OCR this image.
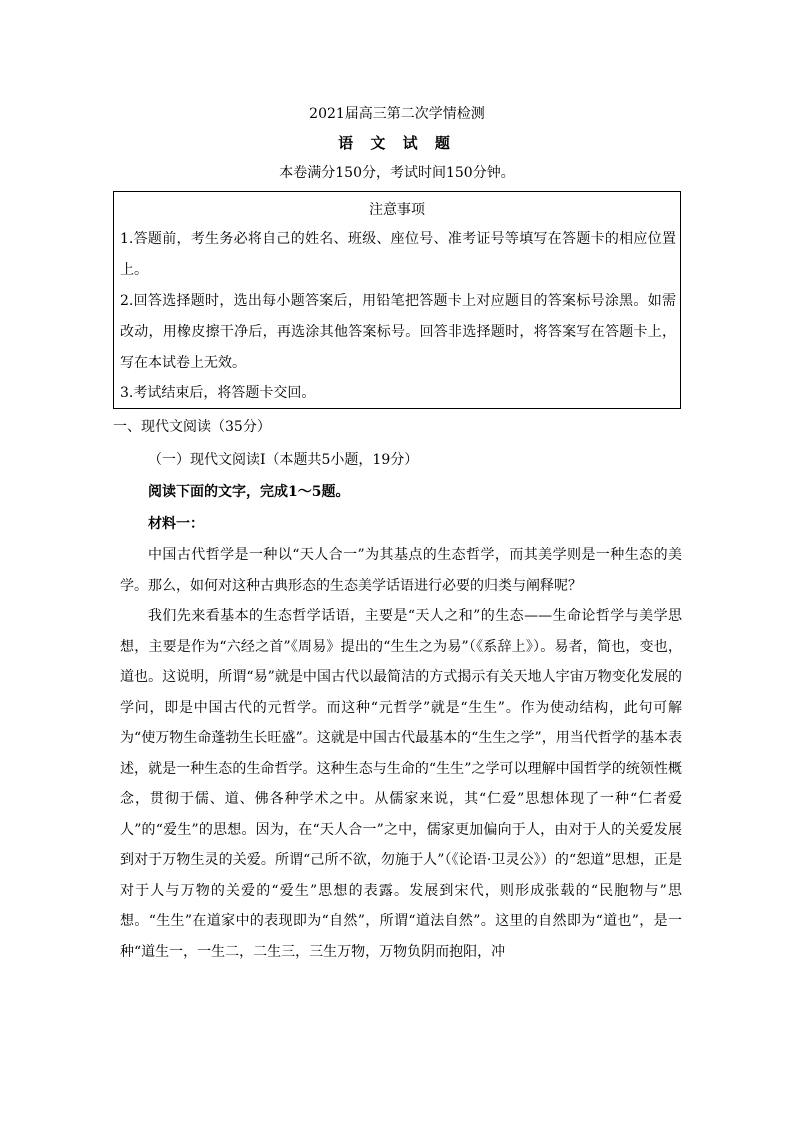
2021届高三第二次学情检测
语 文 试 题
本卷满分150分，考试时间150分钟。
注意事项
1.答题前，考生务必将自己的姓名、班级、座位号、准考证号等填写在答题卡的相应位置上。
2.回答选择题时，选出每小题答案后，用铅笔把答题卡上对应题目的答案标号涂黑。如需改动，用橡皮擦干净后，再选涂其他答案标号。回答非选择题时，将答案写在答题卡上，写在本试卷上无效。
3.考试结束后，将答题卡交回。
一、现代文阅读（35分）
（一）现代文阅读Ⅰ（本题共5小题，19分）
阅读下面的文字，完成1～5题。
材料一：
中国古代哲学是一种以“天人合一”为其基点的生态哲学，而其美学则是一种生态的美学。那么，如何对这种古典形态的生态美学话语进行必要的归类与阐释呢？
我们先来看基本的生态哲学话语，主要是“天人之和”的生态——生命论哲学与美学思想，主要是作为“六经之首”《周易》提出的“生生之为易”（《系辞上》）。易者，简也，变也，道也。这说明，所谓“易”就是中国古代以最简洁的方式揭示有关天地人宇宙万物变化发展的学问，即是中国古代的元哲学。而这种“元哲学”就是“生生”。作为使动结构，此句可解为“使万物生命蓬勃生长旺盛”。这就是中国古代最基本的“生生之学”，用当代哲学的基本表述，就是一种生态的生命哲学。这种生态与生命的“生生”之学可以理解中国哲学的统领性概念，贯彻于儒、道、佛各种学术之中。从儒家来说，其“仁爱”思想体现了一种“仁者爱人”的“爱生”的思想。因为，在“天人合一”之中，儒家更加偏向于人，由对于人的关爱发展到对于万物生灵的关爱。所谓“己所不欲，勿施于人”（《论语·卫灵公》）的“恕道”思想，正是对于人与万物的关爱的“爱生”思想的表露。发展到宋代，则形成张载的“民胞物与”思想。“生生”在道家中的表现即为“自然”，所谓“道法自然”。这里的自然即为“道也”，是一种“道生一，一生二，二生三，三生万物，万物负阴而抱阳，冲
